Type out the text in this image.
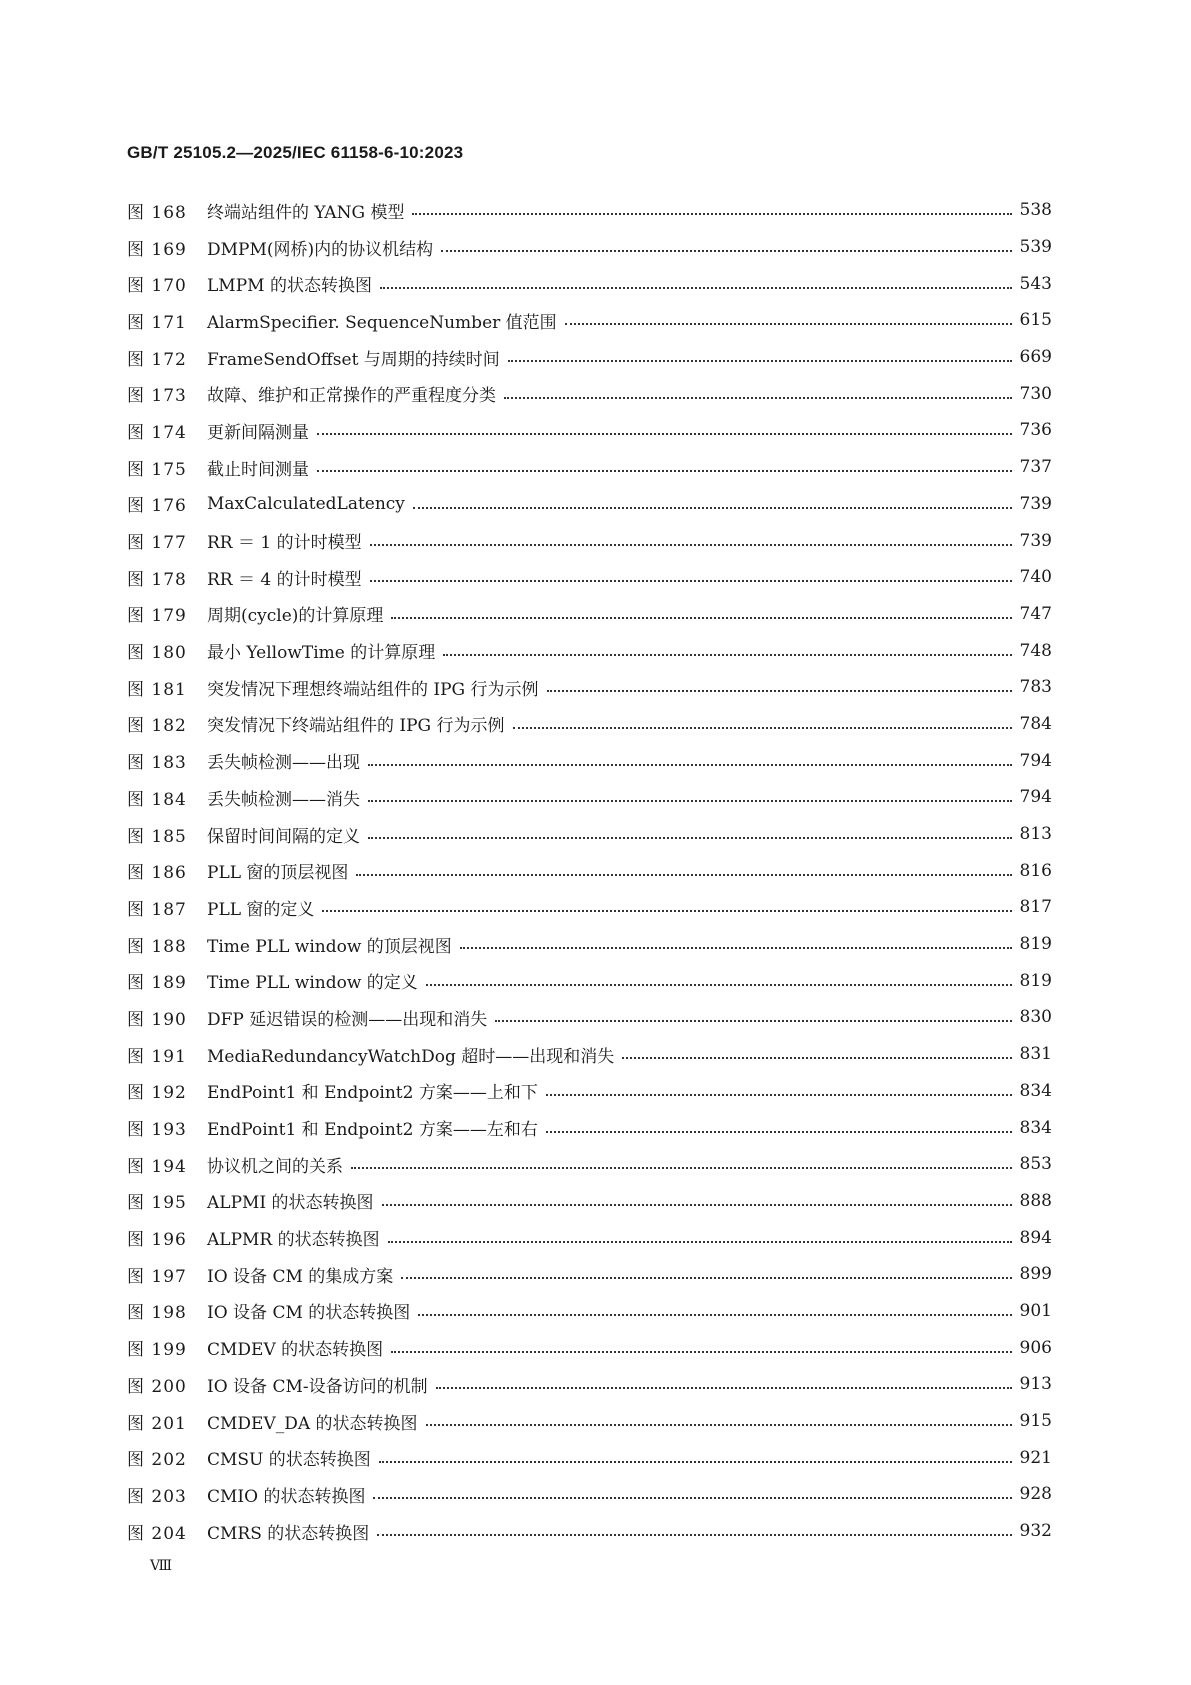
GB/T 25105.2—2025/IEC 61158-6-10:2023
图 168	终端站组件的 YANG 模型	538
图 169	DMPM(网桥)内的协议机结构	539
图 170	LMPM 的状态转换图	543
图 171	AlarmSpecifier. SequenceNumber 值范围	615
图 172	FrameSendOffset 与周期的持续时间	669
图 173	故障、维护和正常操作的严重程度分类	730
图 174	更新间隔测量	736
图 175	截止时间测量	737
图 176	MaxCalculatedLatency	739
图 177	RR ＝ 1 的计时模型	739
图 178	RR ＝ 4 的计时模型	740
图 179	周期(cycle)的计算原理	747
图 180	最小 YellowTime 的计算原理	748
图 181	突发情况下理想终端站组件的 IPG 行为示例	783
图 182	突发情况下终端站组件的 IPG 行为示例	784
图 183	丢失帧检测——出现	794
图 184	丢失帧检测——消失	794
图 185	保留时间间隔的定义	813
图 186	PLL 窗的顶层视图	816
图 187	PLL 窗的定义	817
图 188	Time PLL window 的顶层视图	819
图 189	Time PLL window 的定义	819
图 190	DFP 延迟错误的检测——出现和消失	830
图 191	MediaRedundancyWatchDog 超时——出现和消失	831
图 192	EndPoint1 和 Endpoint2 方案——上和下	834
图 193	EndPoint1 和 Endpoint2 方案——左和右	834
图 194	协议机之间的关系	853
图 195	ALPMI 的状态转换图	888
图 196	ALPMR 的状态转换图	894
图 197	IO 设备 CM 的集成方案	899
图 198	IO 设备 CM 的状态转换图	901
图 199	CMDEV 的状态转换图	906
图 200	IO 设备 CM-设备访问的机制	913
图 201	CMDEV_DA 的状态转换图	915
图 202	CMSU 的状态转换图	921
图 203	CMIO 的状态转换图	928
图 204	CMRS 的状态转换图	932
Ⅷ
